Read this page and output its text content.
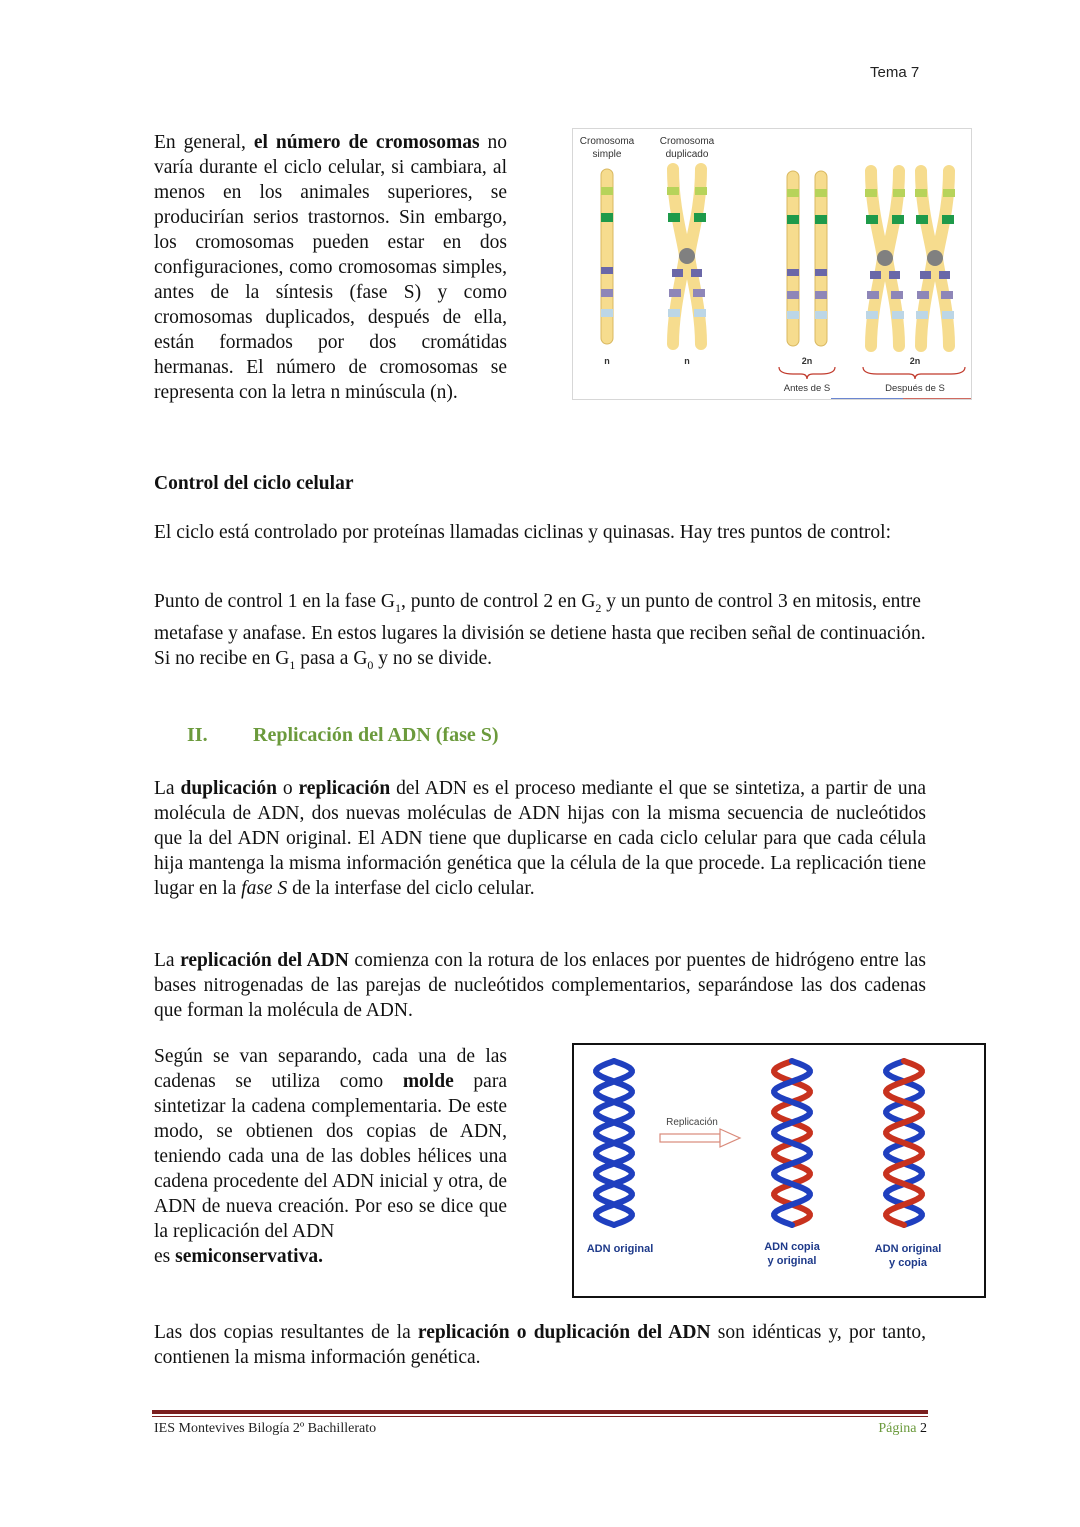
Tema 7

En general, el número de cromosomas no varía durante el ciclo celular, si cambiara, al menos en los animales superiores, se producirían serios trastornos. Sin embargo, los cromosomas pueden estar en dos configuraciones, como cromosomas simples, antes de la síntesis (fase S) y como cromosomas duplicados, después de ella, están formados por dos cromátidas hermanas. El número de cromosomas se representa con la letra n minúscula (n).

Cromosoma
simple
Cromosoma
duplicado
n	n	2n	2n
Antes de S	Después de S
Control del ciclo celular

El ciclo está controlado por proteínas llamadas ciclinas y quinasas. Hay tres puntos de control:

Punto de control 1 en la fase $G_1$, punto de control 2 en $G_2$ y un punto de control 3 en mitosis, entre metafase y anafase. En estos lugares la división se detiene hasta que reciben señal de continuación. Si no recibe en $G_1$ pasa a $G_0$ y no se divide.

II. Replicación del ADN (fase S)

La duplicación o replicación del ADN es el proceso mediante el que se sintetiza, a partir de una molécula de ADN, dos nuevas moléculas de ADN hijas con la misma secuencia de nucleótidos que la del ADN original. El ADN tiene que duplicarse en cada ciclo celular para que cada célula hija mantenga la misma información genética que la célula de la que procede. La replicación tiene lugar en la fase S de la interfase del ciclo celular.

La replicación del ADN comienza con la rotura de los enlaces por puentes de hidrógeno entre las bases nitrogenadas de las parejas de nucleótidos complementarios, separándose las dos cadenas que forman la molécula de ADN.

Según se van separando, cada una de las cadenas se utiliza como molde para sintetizar la cadena complementaria. De este modo, se obtienen dos copias de ADN, teniendo cada una de las dobles hélices una cadena procedente del ADN inicial y otra, de ADN de nueva creación. Por eso se dice que la replicación del ADN
es semiconservativa.	ADN original
Replicación
ADN copia
y original
ADN original
y copia

Las dos copias resultantes de la replicación o duplicación del ADN son idénticas y, por tanto, contienen la misma información genética.

IES Montevives Bilogía 2º Bachillerato	Página 2
